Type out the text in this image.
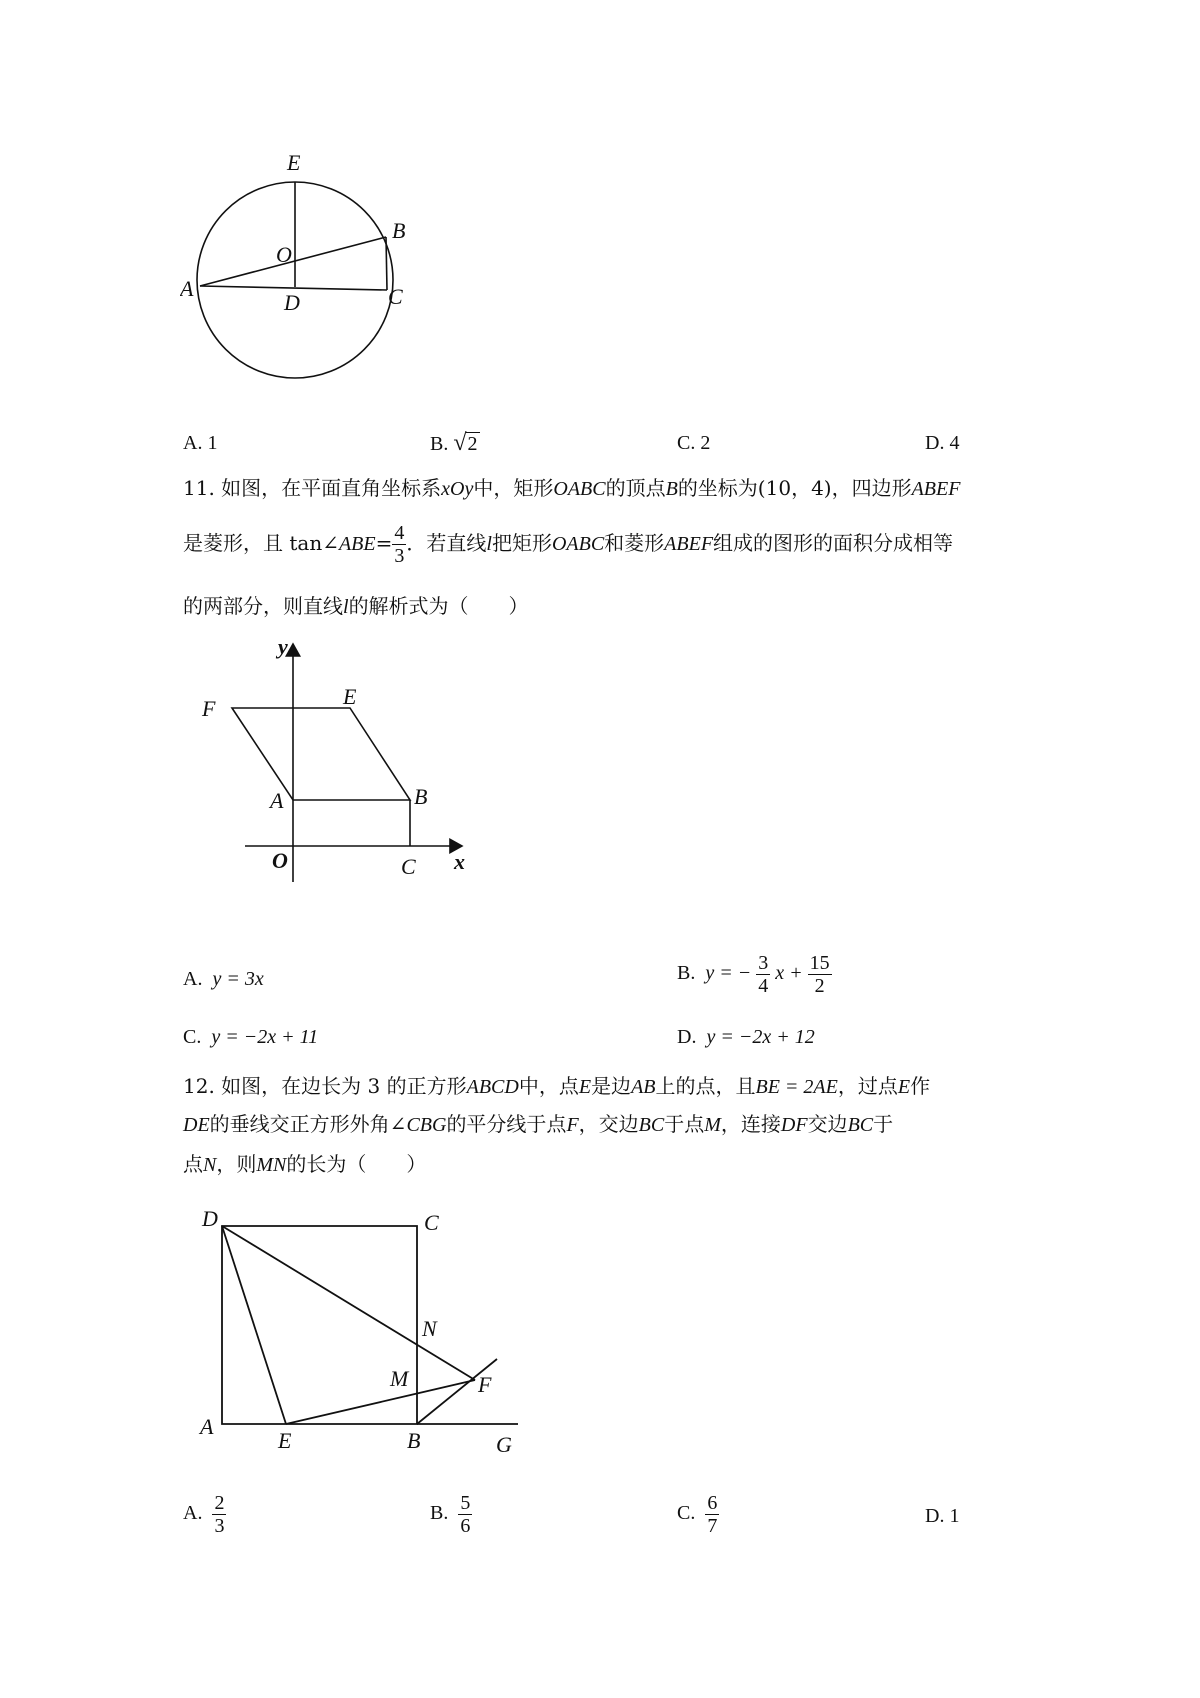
E
B
O
A
D	C
A. 1	B. √2	C. 2	D. 4
11. 如图，在平面直角坐标系xOy中，矩形OABC的顶点B的坐标为(10，4)，四边形ABEF
是菱形，且 tan∠ABE= $\frac{4}{3}$ ．若直线l把矩形OABC和菱形ABEF组成的图形的面积分成相等
的两部分，则直线l的解析式为（　　）
y
F	E
A	B
O	C x
A. y = 3x	B. y = − $\frac{3}{4}$ $x + \frac{15}{2}$
C. y = −2x + 11	D. y = −2x + 12
12. 如图，在边长为 3 的正方形ABCD中，点E是边AB上的点，且BE = 2AE，过点E作
DE的垂线交正方形外角∠CBG的平分线于点F，交边BC于点M，连接DF交边BC于
点N，则MN的长为（　　）
D	C
N
M	F
A
E	B	G
A. $\frac{2}{3}$	B. $\frac{5}{6}$	C. $\frac{6}{7}$	D. 1
